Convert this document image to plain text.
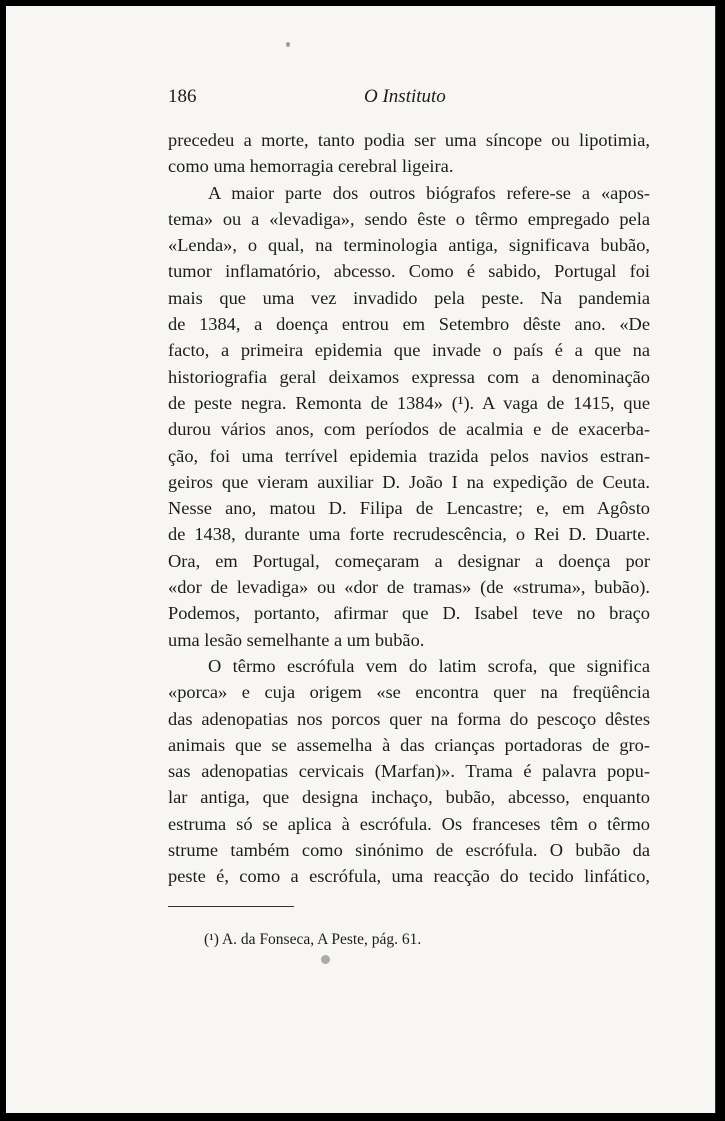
186	O Instituto
precedeu a morte, tanto podia ser uma síncope ou lipotimia,
como uma hemorragia cerebral ligeira.
A maior parte dos outros biógrafos refere-se a «apos-
tema» ou a «levadiga», sendo êste o têrmo empregado pela
«Lenda», o qual, na terminologia antiga, significava bubão,
tumor inflamatório, abcesso. Como é sabido, Portugal foi
mais que uma vez invadido pela peste. Na pandemia
de 1384, a doença entrou em Setembro dêste ano. «De
facto, a primeira epidemia que invade o país é a que na
historiografia geral deixamos expressa com a denominação
de peste negra. Remonta de 1384» (¹). A vaga de 1415, que
durou vários anos, com períodos de acalmia e de exacerba-
ção, foi uma terrível epidemia trazida pelos navios estran-
geiros que vieram auxiliar D. João I na expedição de Ceuta.
Nesse ano, matou D. Filipa de Lencastre; e, em Agôsto
de 1438, durante uma forte recrudescência, o Rei D. Duarte.
Ora, em Portugal, começaram a designar a doença por
«dor de levadiga» ou «dor de tramas» (de «struma», bubão).
Podemos, portanto, afirmar que D. Isabel teve no braço
uma lesão semelhante a um bubão.
O têrmo escrófula vem do latim scrofa, que significa
«porca» e cuja origem «se encontra quer na freqüência
das adenopatias nos porcos quer na forma do pescoço dêstes
animais que se assemelha à das crianças portadoras de gro-
sas adenopatias cervicais (Marfan)». Trama é palavra popu-
lar antiga, que designa inchaço, bubão, abcesso, enquanto
estruma só se aplica à escrófula. Os franceses têm o têrmo
strume também como sinónimo de escrófula. O bubão da
peste é, como a escrófula, uma reacção do tecido linfático,
(¹) A. da Fonseca, A Peste, pág. 61.
